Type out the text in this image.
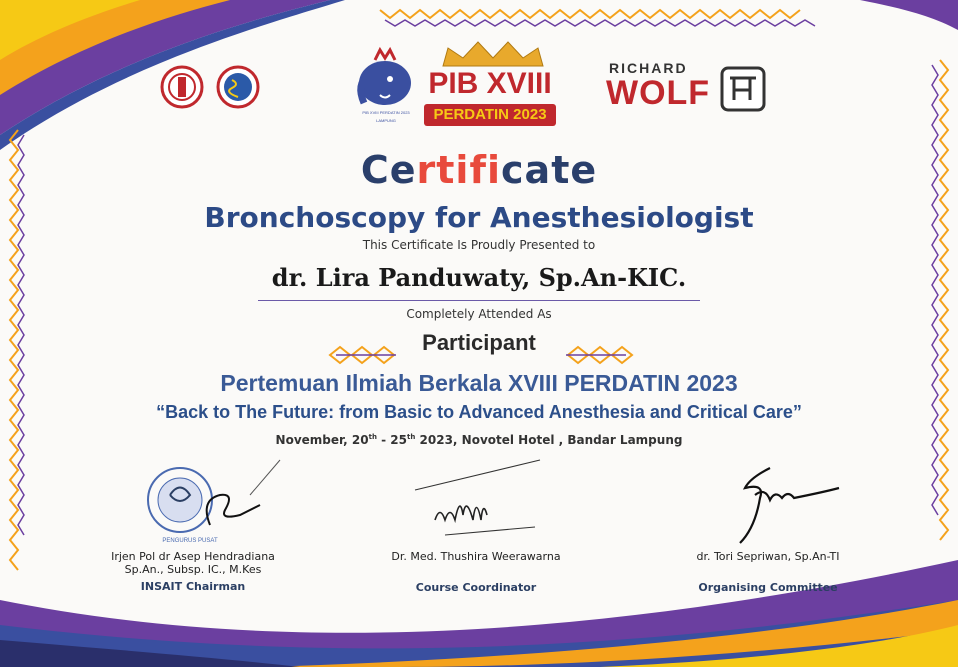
PIB XVIII PERDATIN 2023
LAMPUNG
PIB XVIII
PERDATIN 2023
RICHARD
WOLF
Certificate
Bronchoscopy for Anesthesiologist
This Certificate Is Proudly Presented to
dr. Lira Panduwaty, Sp.An-KIC.
Completely Attended As
Participant
Pertemuan Ilmiah Berkala XVIII PERDATIN 2023
“Back to The Future: from Basic to Advanced Anesthesia and Critical Care”
November, 20th - 25th 2023, Novotel Hotel , Bandar Lampung
PENGURUS PUSAT
Irjen Pol dr Asep Hendradiana
Sp.An., Subsp. IC., M.Kes
INSAIT Chairman
Dr. Med. Thushira Weerawarna
Course Coordinator
dr. Tori Sepriwan, Sp.An-TI
Organising Committee
